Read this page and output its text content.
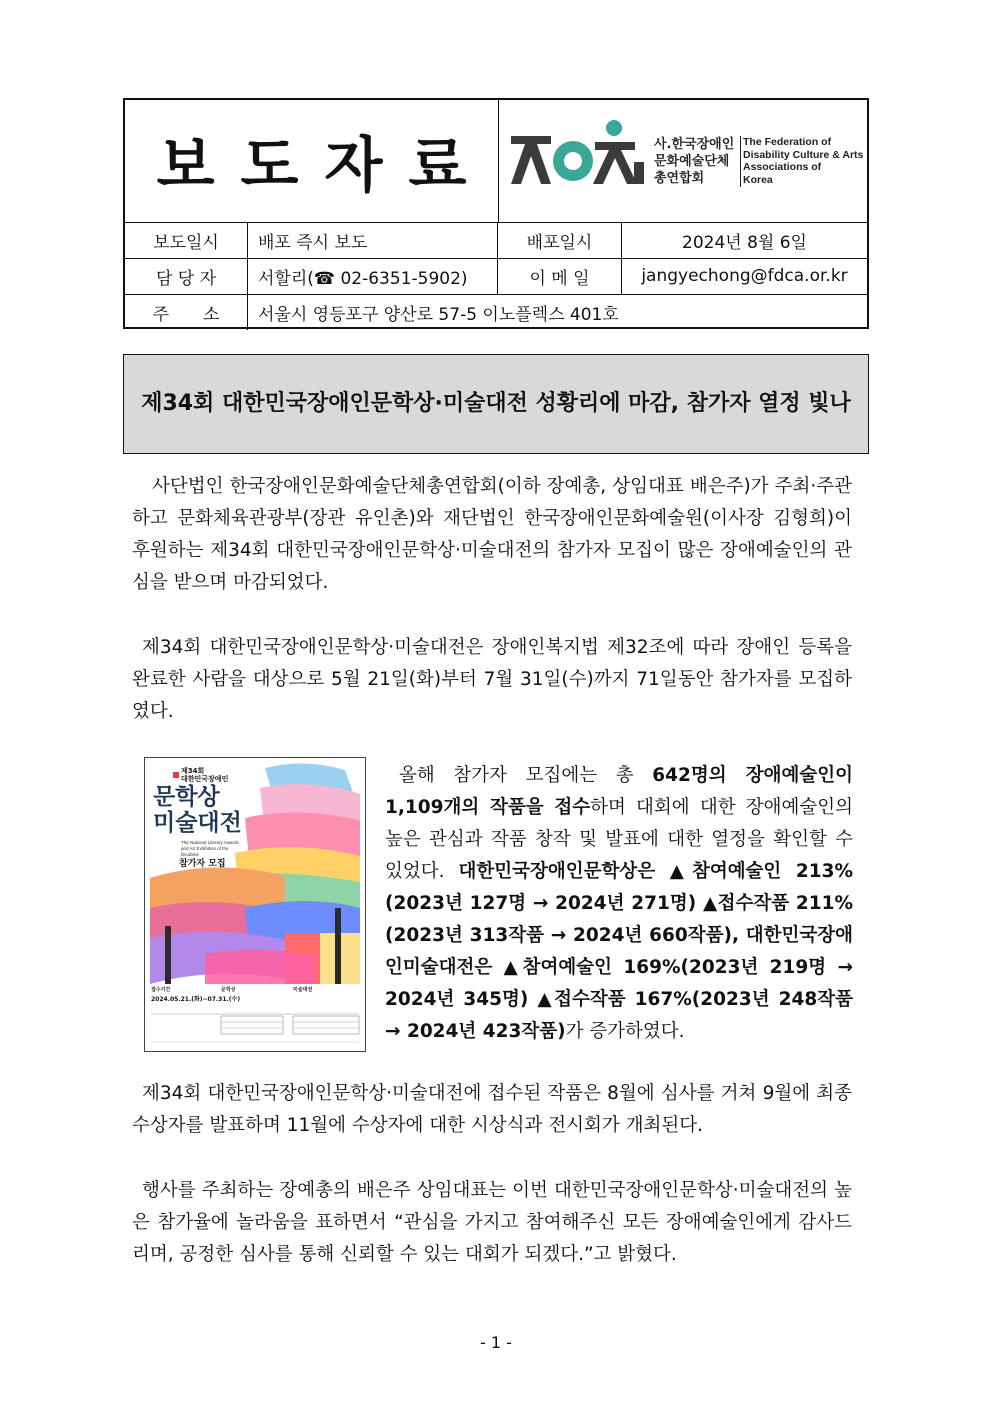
보도자료	사.한국장애인
문화예술단체
총연합회
The Federation of
Disability Culture & Arts
Associations of
Korea
보도일시	배포 즉시 보도	배포일시	2024년 8월 6일
담 당 자	서할리(☎ 02-6351-5902)	이 메 일	jangyechong@fdca.or.kr
주　　소	서울시 영등포구 양산로 57-5 이노플렉스 401호
제34회 대한민국장애인문학상·미술대전 성황리에 마감, 참가자 열정 빛나

사단법인 한국장애인문화예술단체총연합회(이하 장예총, 상임대표 배은주)가 주최·주관하고 문화체육관광부(장관 유인촌)와 재단법인 한국장애인문화예술원(이사장 김형희)이 후원하는 제34회 대한민국장애인문학상·미술대전의 참가자 모집이 많은 장애예술인의 관심을 받으며 마감되었다.

제34회 대한민국장애인문학상·미술대전은 장애인복지법 제32조에 따라 장애인 등록을 완료한 사람을 대상으로 5월 21일(화)부터 7월 31일(수)까지 71일동안 참가자를 모집하였다.

제34회
대한민국장애인
문학상
미술대전
The National Literary Awards and Art Exhibition of the Disabled
참가자 모집
접수기간
2024.05.21.(화)~07.31.(수)
문학상	미술대전

올해 참가자 모집에는 총 642명의 장애예술인이 1,109개의 작품을 접수하며 대회에 대한 장애예술인의 높은 관심과 작품 창작 및 발표에 대한 열정을 확인할 수 있었다. 대한민국장애인문학상은 ▲참여예술인 213%(2023년 127명 → 2024년 271명) ▲접수작품 211%(2023년 313작품 → 2024년 660작품), 대한민국장애인미술대전은 ▲참여예술인 169%(2023년 219명 → 2024년 345명) ▲접수작품 167%(2023년 248작품 → 2024년 423작품)가 증가하였다.

제34회 대한민국장애인문학상·미술대전에 접수된 작품은 8월에 심사를 거쳐 9월에 최종수상자를 발표하며 11월에 수상자에 대한 시상식과 전시회가 개최된다.

행사를 주최하는 장예총의 배은주 상임대표는 이번 대한민국장애인문학상·미술대전의 높은 참가율에 놀라움을 표하면서 “관심을 가지고 참여해주신 모든 장애예술인에게 감사드리며, 공정한 심사를 통해 신뢰할 수 있는 대회가 되겠다.”고 밝혔다.

- 1 -
